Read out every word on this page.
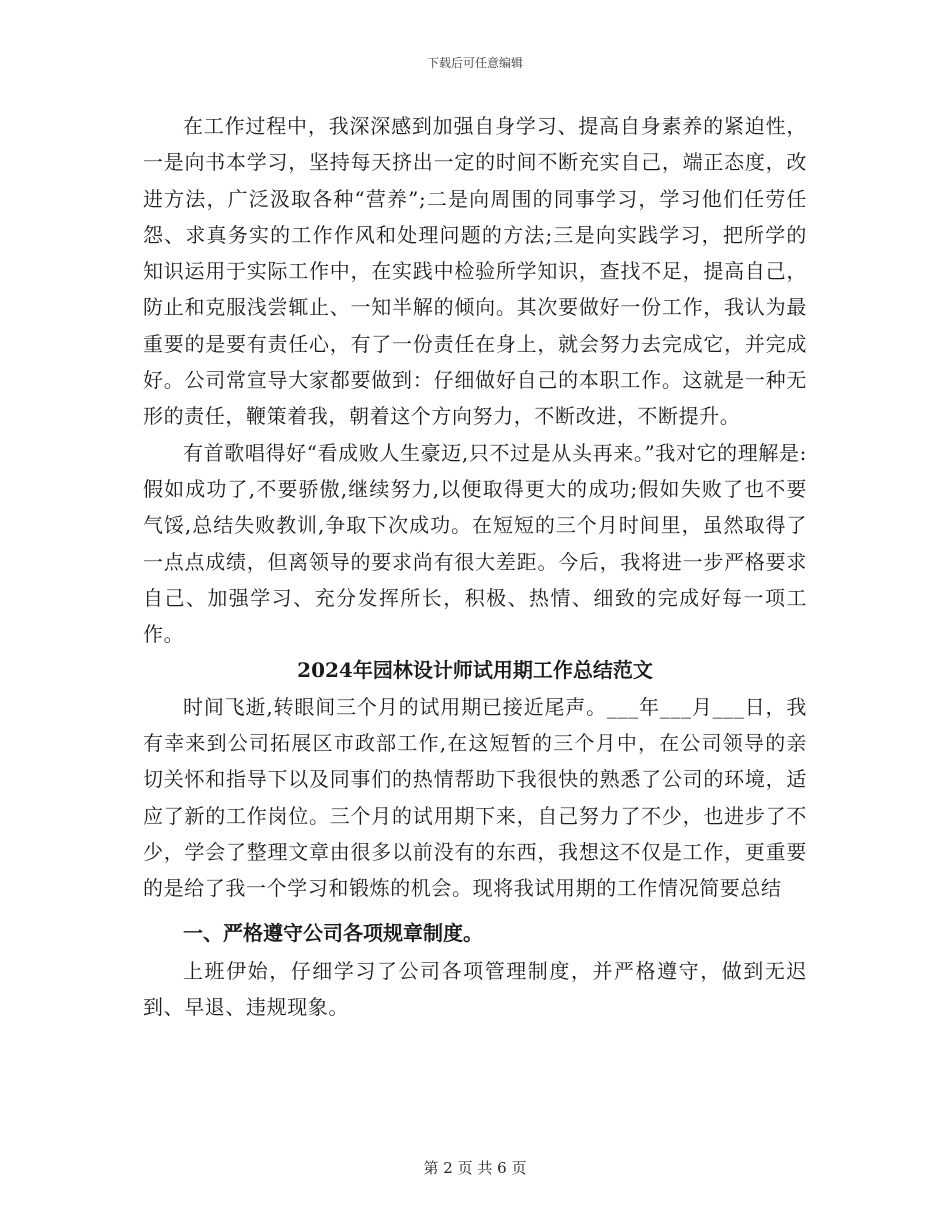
下载后可任意编辑

在工作过程中，我深深感到加强自身学习、提高自身素养的紧迫性，一是向书本学习，坚持每天挤出一定的时间不断充实自己，端正态度，改进方法，广泛汲取各种“营养”;二是向周围的同事学习，学习他们任劳任怨、求真务实的工作作风和处理问题的方法;三是向实践学习，把所学的知识运用于实际工作中，在实践中检验所学知识，查找不足，提高自己，防止和克服浅尝辄止、一知半解的倾向。其次要做好一份工作，我认为最重要的是要有责任心，有了一份责任在身上，就会努力去完成它，并完成好。公司常宣导大家都要做到：仔细做好自己的本职工作。这就是一种无形的责任，鞭策着我，朝着这个方向努力，不断改进，不断提升。

有首歌唱得好“看成败人生豪迈,只不过是从头再来。”我对它的理解是:假如成功了,不要骄傲,继续努力,以便取得更大的成功;假如失败了也不要气馁,总结失败教训,争取下次成功。在短短的三个月时间里，虽然取得了一点点成绩，但离领导的要求尚有很大差距。今后，我将进一步严格要求自己、加强学习、充分发挥所长，积极、热情、细致的完成好每一项工作。

2024年园林设计师试用期工作总结范文

时间飞逝,转眼间三个月的试用期已接近尾声。___年___月___日，我有幸来到公司拓展区市政部工作,在这短暂的三个月中，在公司领导的亲切关怀和指导下以及同事们的热情帮助下我很快的熟悉了公司的环境，适应了新的工作岗位。三个月的试用期下来，自己努力了不少，也进步了不少，学会了整理文章由很多以前没有的东西，我想这不仅是工作，更重要的是给了我一个学习和锻炼的机会。现将我试用期的工作情况简要总结

一、严格遵守公司各项规章制度。

上班伊始，仔细学习了公司各项管理制度，并严格遵守，做到无迟到、早退、违规现象。

第 2 页 共 6 页
